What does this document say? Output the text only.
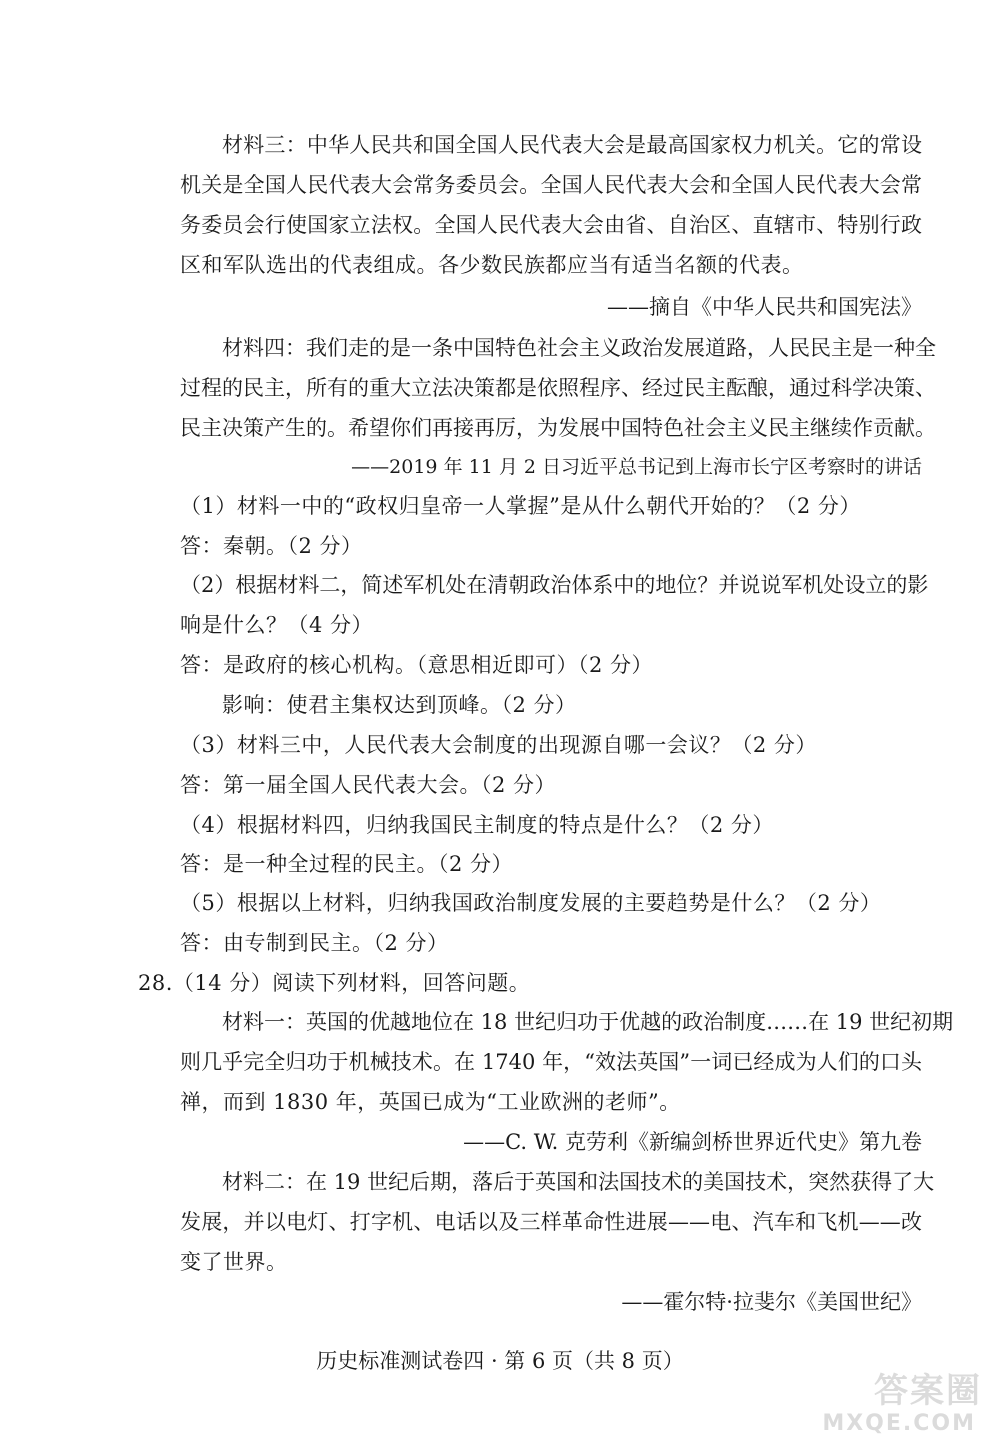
材料三：中华人民共和国全国人民代表大会是最高国家权力机关。它的常设
机关是全国人民代表大会常务委员会。全国人民代表大会和全国人民代表大会常
务委员会行使国家立法权。全国人民代表大会由省、自治区、直辖市、特别行政
区和军队选出的代表组成。各少数民族都应当有适当名额的代表。
——摘自《中华人民共和国宪法》
材料四：我们走的是一条中国特色社会主义政治发展道路，人民民主是一种全
过程的民主，所有的重大立法决策都是依照程序、经过民主酝酿，通过科学决策、
民主决策产生的。希望你们再接再厉，为发展中国特色社会主义民主继续作贡献。
——2019 年 11 月 2 日习近平总书记到上海市长宁区考察时的讲话
（1）材料一中的“政权归皇帝一人掌握”是从什么朝代开始的？（2 分）
答：秦朝。（2 分）
（2）根据材料二，简述军机处在清朝政治体系中的地位？并说说军机处设立的影
响是什么？（4 分）
答：是政府的核心机构。（意思相近即可）（2 分）
影响：使君主集权达到顶峰。（2 分）
（3）材料三中，人民代表大会制度的出现源自哪一会议？（2 分）
答：第一届全国人民代表大会。（2 分）
（4）根据材料四，归纳我国民主制度的特点是什么？（2 分）
答：是一种全过程的民主。（2 分）
（5）根据以上材料，归纳我国政治制度发展的主要趋势是什么？（2 分）
答：由专制到民主。（2 分）
28.（14 分）阅读下列材料，回答问题。
材料一：英国的优越地位在 18 世纪归功于优越的政治制度……在 19 世纪初期
则几乎完全归功于机械技术。在 1740 年，“效法英国”一词已经成为人们的口头
禅，而到 1830 年，英国已成为“工业欧洲的老师”。
——C. W. 克劳利《新编剑桥世界近代史》第九卷
材料二：在 19 世纪后期，落后于英国和法国技术的美国技术，突然获得了大
发展，并以电灯、打字机、电话以及三样革命性进展——电、汽车和飞机——改
变了世界。
——霍尔特·拉斐尔《美国世纪》
历史标准测试卷四 · 第 6 页（共 8 页）
答案圈
MXQE.COM
